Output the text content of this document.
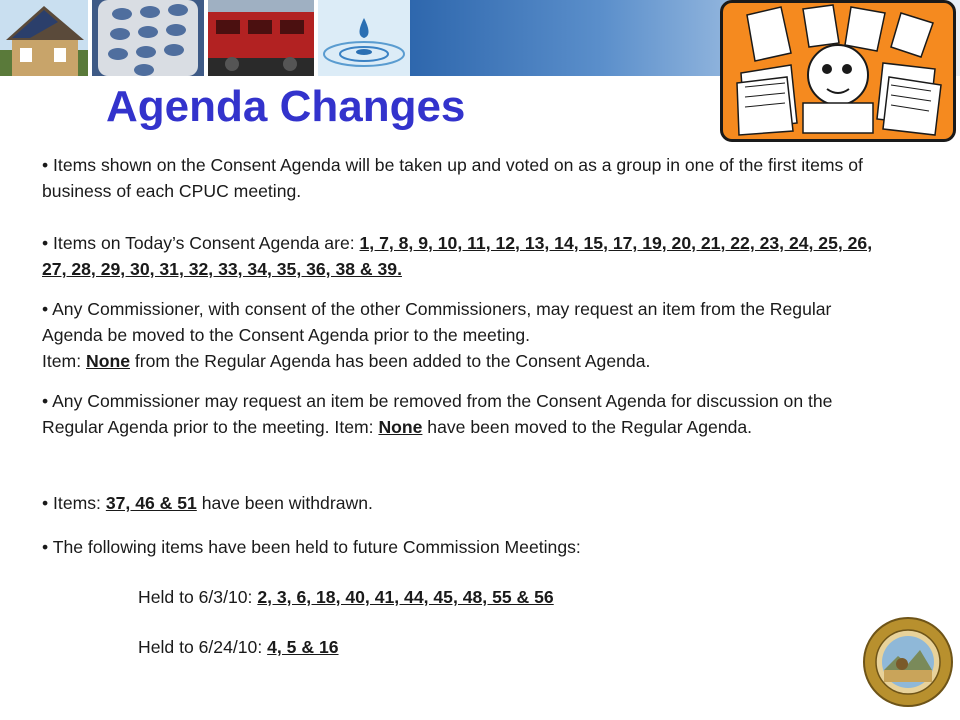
Agenda Changes

• Items shown on the Consent Agenda will be taken up and voted on as a group in one of the first items of business of each CPUC meeting.

• Items on Today’s Consent Agenda are: 1, 7, 8, 9, 10, 11, 12, 13, 14, 15, 17, 19, 20, 21, 22, 23, 24, 25, 26, 27, 28, 29, 30, 31, 32, 33, 34, 35, 36, 38 & 39.

• Any Commissioner, with consent of the other Commissioners, may request an item from the Regular Agenda be moved to the Consent Agenda prior to the meeting.
Item: None from the Regular Agenda has been added to the Consent Agenda.

• Any Commissioner may request an item be removed from the Consent Agenda for discussion on the Regular Agenda prior to the meeting. Item: None have been moved to the Regular Agenda.

• Items: 37, 46 & 51 have been withdrawn.

• The following items have been held to future Commission Meetings:

Held to 6/3/10: 2, 3, 6, 18, 40, 41, 44, 45, 48, 55 & 56

Held to 6/24/10: 4, 5 & 16
